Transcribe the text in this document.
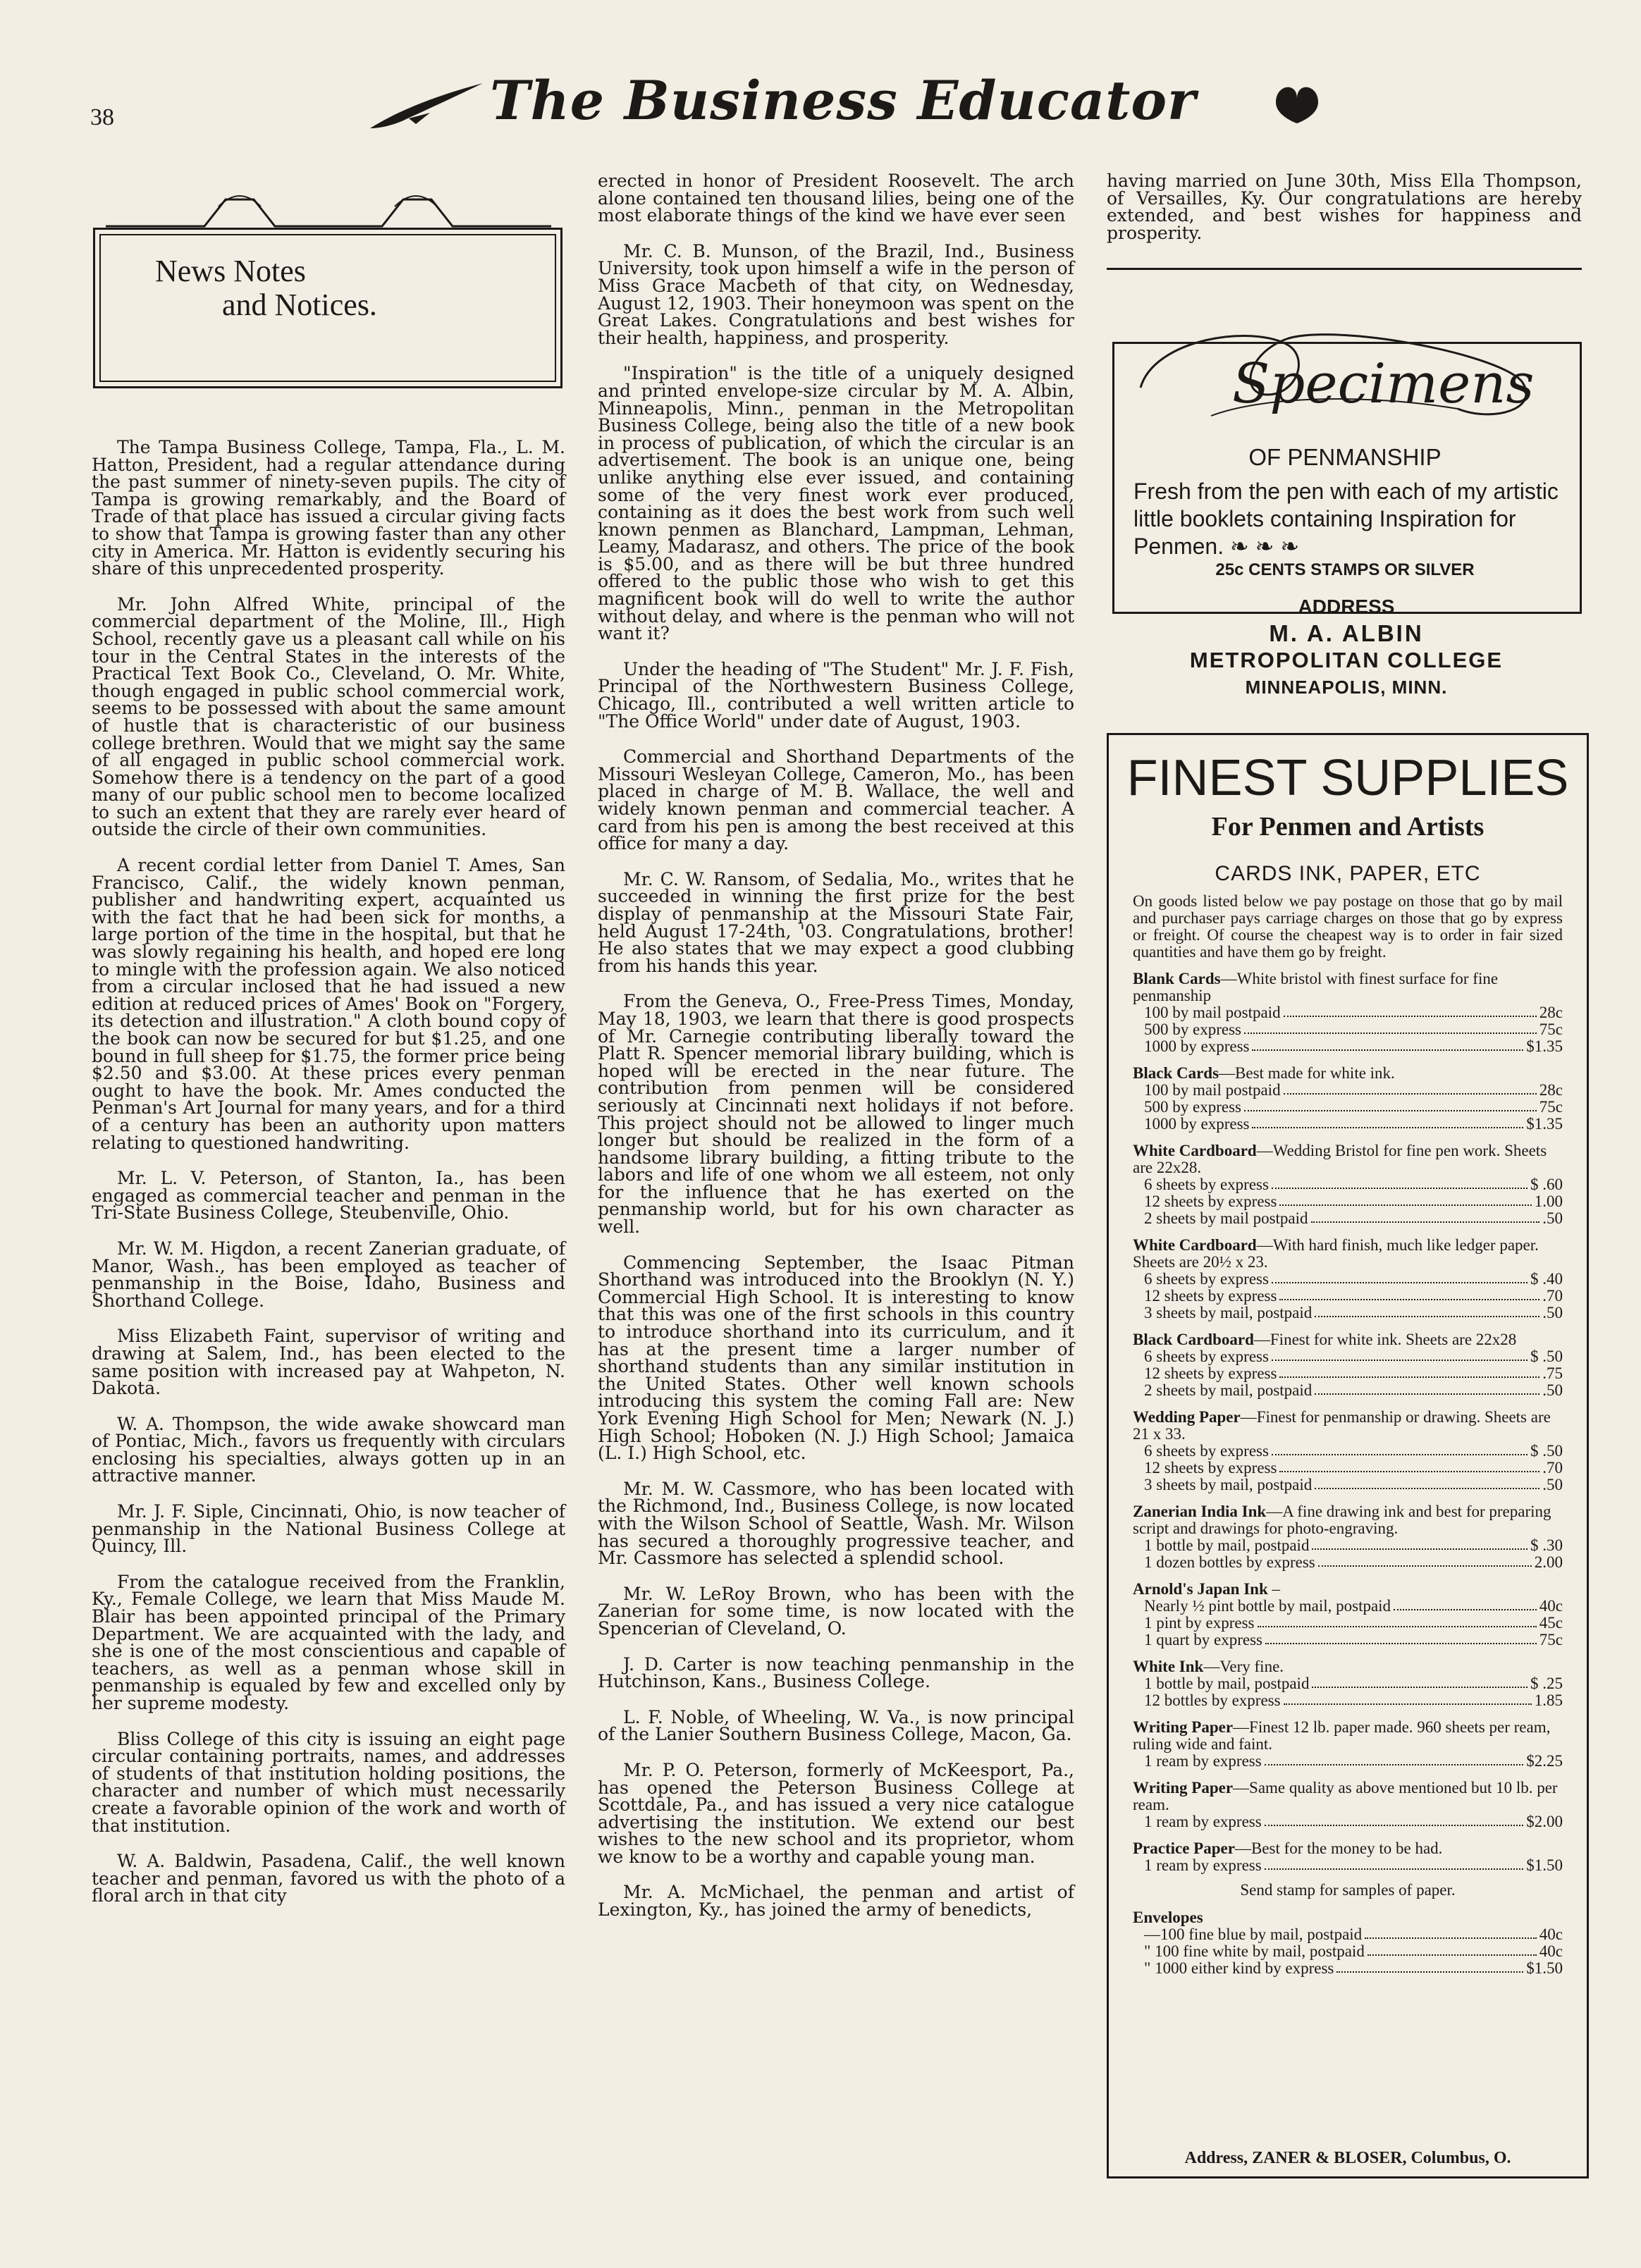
38	The Business Educator
News Notes
and Notices.

The Tampa Business College, Tampa, Fla., L. M. Hatton, President, had a regular attendance during the past summer of ninety-seven pupils. The city of Tampa is growing remarkably, and the Board of Trade of that place has issued a circular giving facts to show that Tampa is growing faster than any other city in America. Mr. Hatton is evidently securing his share of this unprecedented prosperity.

Mr. John Alfred White, principal of the commercial department of the Moline, Ill., High School, recently gave us a pleasant call while on his tour in the Central States in the interests of the Practical Text Book Co., Cleveland, O. Mr. White, though engaged in public school commercial work, seems to be possessed with about the same amount of hustle that is characteristic of our business college brethren. Would that we might say the same of all engaged in public school commercial work. Somehow there is a tendency on the part of a good many of our public school men to become localized to such an extent that they are rarely ever heard of outside the circle of their own communities.

A recent cordial letter from Daniel T. Ames, San Francisco, Calif., the widely known penman, publisher and handwriting expert, acquainted us with the fact that he had been sick for months, a large portion of the time in the hospital, but that he was slowly regaining his health, and hoped ere long to mingle with the profession again. We also noticed from a circular inclosed that he had issued a new edition at reduced prices of Ames' Book on "Forgery, its detection and illustration." A cloth bound copy of the book can now be secured for but $1.25, and one bound in full sheep for $1.75, the former price being $2.50 and $3.00. At these prices every penman ought to have the book. Mr. Ames conducted the Penman's Art Journal for many years, and for a third of a century has been an authority upon matters relating to questioned handwriting.

Mr. L. V. Peterson, of Stanton, Ia., has been engaged as commercial teacher and penman in the Tri-State Business College, Steubenville, Ohio.

Mr. W. M. Higdon, a recent Zanerian graduate, of Manor, Wash., has been employed as teacher of penmanship in the Boise, Idaho, Business and Shorthand College.

Miss Elizabeth Faint, supervisor of writing and drawing at Salem, Ind., has been elected to the same position with increased pay at Wahpeton, N. Dakota.

W. A. Thompson, the wide awake showcard man of Pontiac, Mich., favors us frequently with circulars enclosing his specialties, always gotten up in an attractive manner.

Mr. J. F. Siple, Cincinnati, Ohio, is now teacher of penmanship in the National Business College at Quincy, Ill.

From the catalogue received from the Franklin, Ky., Female College, we learn that Miss Maude M. Blair has been appointed principal of the Primary Department. We are acquainted with the lady, and she is one of the most conscientious and capable of teachers, as well as a penman whose skill in penmanship is equaled by few and excelled only by her supreme modesty.

Bliss College of this city is issuing an eight page circular containing portraits, names, and addresses of students of that institution holding positions, the character and number of which must necessarily create a favorable opinion of the work and worth of that institution.

W. A. Baldwin, Pasadena, Calif., the well known teacher and penman, favored us with the photo of a floral arch in that city

erected in honor of President Roosevelt. The arch alone contained ten thousand lilies, being one of the most elaborate things of the kind we have ever seen

Mr. C. B. Munson, of the Brazil, Ind., Business University, took upon himself a wife in the person of Miss Grace Macbeth of that city, on Wednesday, August 12, 1903. Their honeymoon was spent on the Great Lakes. Congratulations and best wishes for their health, happiness, and prosperity.

"Inspiration" is the title of a uniquely designed and printed envelope-size circular by M. A. Albin, Minneapolis, Minn., penman in the Metropolitan Business College, being also the title of a new book in process of publication, of which the circular is an advertisement. The book is an unique one, being unlike anything else ever issued, and containing some of the very finest work ever produced, containing as it does the best work from such well known penmen as Blanchard, Lampman, Lehman, Leamy, Madarasz, and others. The price of the book is $5.00, and as there will be but three hundred offered to the public those who wish to get this magnificent book will do well to write the author without delay, and where is the penman who will not want it?

Under the heading of "The Student" Mr. J. F. Fish, Principal of the Northwestern Business College, Chicago, Ill., contributed a well written article to "The Office World" under date of August, 1903.

Commercial and Shorthand Departments of the Missouri Wesleyan College, Cameron, Mo., has been placed in charge of M. B. Wallace, the well and widely known penman and commercial teacher. A card from his pen is among the best received at this office for many a day.

Mr. C. W. Ransom, of Sedalia, Mo., writes that he succeeded in winning the first prize for the best display of penmanship at the Missouri State Fair, held August 17-24th, '03. Congratulations, brother! He also states that we may expect a good clubbing from his hands this year.

From the Geneva, O., Free-Press Times, Monday, May 18, 1903, we learn that there is good prospects of Mr. Carnegie contributing liberally toward the Platt R. Spencer memorial library building, which is hoped will be erected in the near future. The contribution from penmen will be considered seriously at Cincinnati next holidays if not before. This project should not be allowed to linger much longer but should be realized in the form of a handsome library building, a fitting tribute to the labors and life of one whom we all esteem, not only for the influence that he has exerted on the penmanship world, but for his own character as well.

Commencing September, the Isaac Pitman Shorthand was introduced into the Brooklyn (N. Y.) Commercial High School. It is interesting to know that this was one of the first schools in this country to introduce shorthand into its curriculum, and it has at the present time a larger number of shorthand students than any similar institution in the United States. Other well known schools introducing this system the coming Fall are: New York Evening High School for Men; Newark (N. J.) High School; Hoboken (N. J.) High School; Jamaica (L. I.) High School, etc.

Mr. M. W. Cassmore, who has been located with the Richmond, Ind., Business College, is now located with the Wilson School of Seattle, Wash. Mr. Wilson has secured a thoroughly progressive teacher, and Mr. Cassmore has selected a splendid school.

Mr. W. LeRoy Brown, who has been with the Zanerian for some time, is now located with the Spencerian of Cleveland, O.

J. D. Carter is now teaching penmanship in the Hutchinson, Kans., Business College.

L. F. Noble, of Wheeling, W. Va., is now principal of the Lanier Southern Business College, Macon, Ga.

Mr. P. O. Peterson, formerly of McKeesport, Pa., has opened the Peterson Business College at Scottdale, Pa., and has issued a very nice catalogue advertising the institution. We extend our best wishes to the new school and its proprietor, whom we know to be a worthy and capable young man.

Mr. A. McMichael, the penman and artist of Lexington, Ky., has joined the army of benedicts,

having married on June 30th, Miss Ella Thompson, of Versailles, Ky. Our congratulations are hereby extended, and best wishes for happiness and prosperity.

Specimens
OF PENMANSHIP
Fresh from the pen with each of my artistic little booklets containing Inspiration for Penmen. ❧ ❧ ❧
25c CENTS STAMPS OR SILVER
ADDRESS
M. A. ALBIN
METROPOLITAN COLLEGE
MINNEAPOLIS, MINN.
FINEST SUPPLIES
For Penmen and Artists
CARDS INK, PAPER, ETC
On goods listed below we pay postage on those that go by mail and purchaser pays carriage charges on those that go by express or freight. Of course the cheapest way is to order in fair sized quantities and have them go by freight.
Blank Cards—White bristol with finest surface for fine penmanship
100 by mail postpaid	28c
500 by express	75c
1000 by express	$1.35
Black Cards—Best made for white ink.
100 by mail postpaid	28c
500 by express	75c
1000 by express	$1.35
White Cardboard—Wedding Bristol for fine pen work. Sheets are 22x28.
6 sheets by express	$ .60
12 sheets by express	1.00
2 sheets by mail postpaid	.50
White Cardboard—With hard finish, much like ledger paper. Sheets are 20½ x 23.
6 sheets by express	$ .40
12 sheets by express	.70
3 sheets by mail, postpaid	.50
Black Cardboard—Finest for white ink. Sheets are 22x28
6 sheets by express	$ .50
12 sheets by express	.75
2 sheets by mail, postpaid	.50
Wedding Paper—Finest for penmanship or drawing. Sheets are 21 x 33.
6 sheets by express	$ .50
12 sheets by express	.70
3 sheets by mail, postpaid	.50
Zanerian India Ink—A fine drawing ink and best for preparing script and drawings for photo-engraving.
1 bottle by mail, postpaid	$ .30
1 dozen bottles by express	2.00
Arnold's Japan Ink –
Nearly ½ pint bottle by mail, postpaid	40c
1 pint by express	45c
1 quart by express	75c
White Ink—Very fine.
1 bottle by mail, postpaid	$ .25
12 bottles by express	1.85
Writing Paper—Finest 12 lb. paper made. 960 sheets per ream, ruling wide and faint.
1 ream by express	$2.25
Writing Paper—Same quality as above mentioned but 10 lb. per ream.
1 ream by express	$2.00
Practice Paper—Best for the money to be had.
1 ream by express	$1.50
Send stamp for samples of paper.
Envelopes
—100 fine blue by mail, postpaid	40c
" 100 fine white by mail, postpaid	40c
" 1000 either kind by express	$1.50
Address, ZANER & BLOSER, Columbus, O.
